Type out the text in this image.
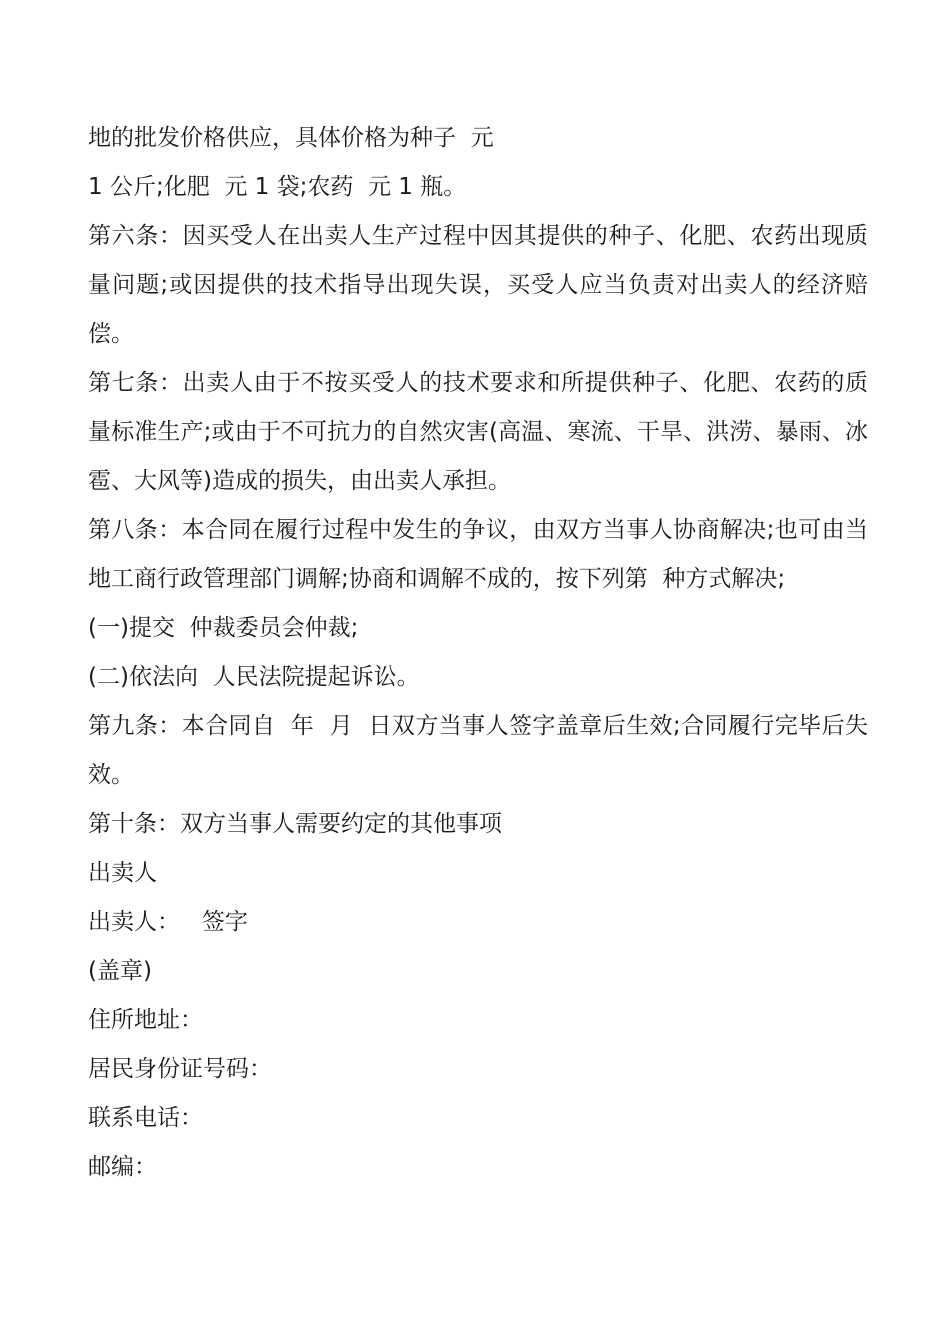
地的批发价格供应，具体价格为种子  元

1 公斤;化肥  元 1 袋;农药  元 1 瓶。

第六条：因买受人在出卖人生产过程中因其提供的种子、化肥、农药出现质量问题;或因提供的技术指导出现失误，买受人应当负责对出卖人的经济赔偿。

第七条：出卖人由于不按买受人的技术要求和所提供种子、化肥、农药的质量标准生产;或由于不可抗力的自然灾害(高温、寒流、干旱、洪涝、暴雨、冰雹、大风等)造成的损失，由出卖人承担。

第八条：本合同在履行过程中发生的争议，由双方当事人协商解决;也可由当地工商行政管理部门调解;协商和调解不成的，按下列第  种方式解决;

(一)提交  仲裁委员会仲裁;

(二)依法向  人民法院提起诉讼。

第九条：本合同自  年  月  日双方当事人签字盖章后生效;合同履行完毕后失效。

第十条：双方当事人需要约定的其他事项

出卖人

出卖人：   签字

(盖章)

住所地址：

居民身份证号码：

联系电话：

邮编：
